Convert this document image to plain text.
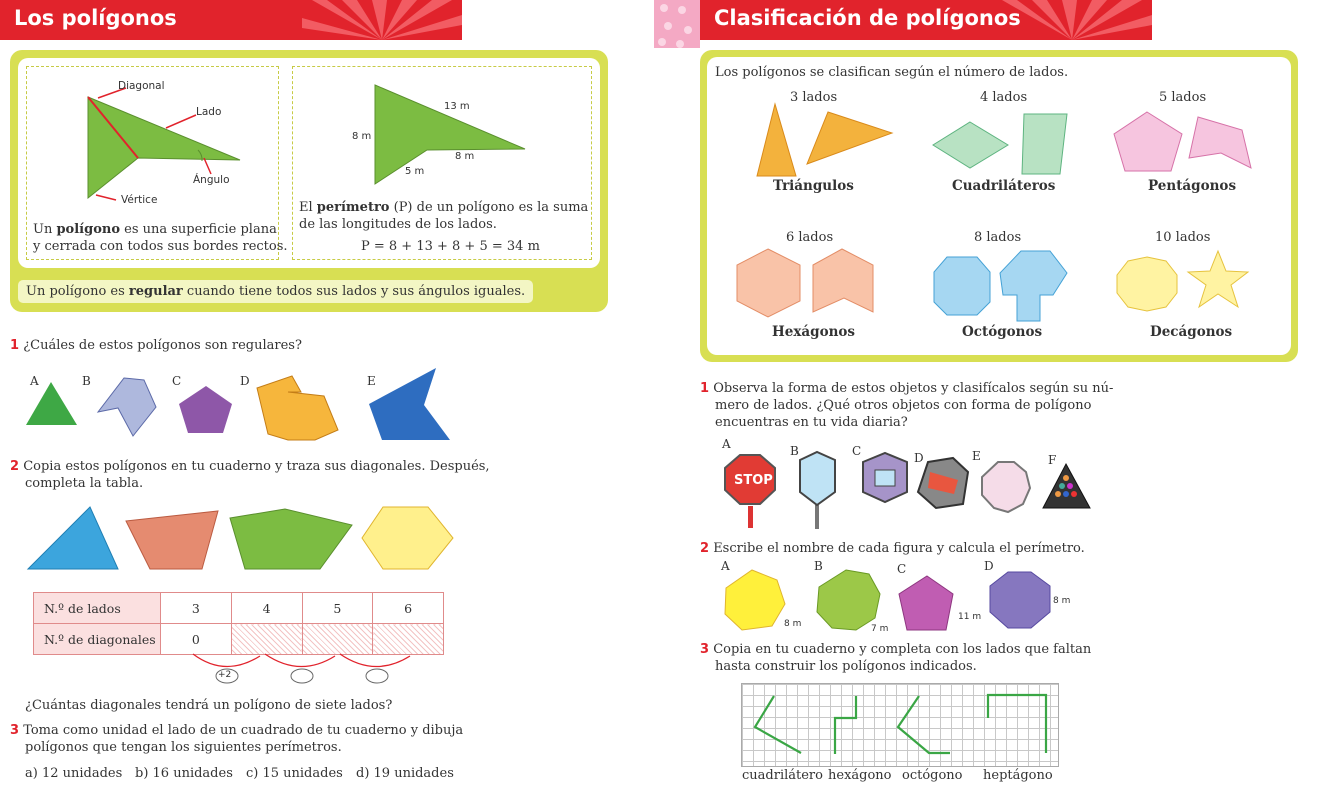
Los polígonos
Diagonal
Lado
Ángulo
Vértice
Un polígono es una superficie plana
y cerrada con todos sus bordes rectos.
13 m
8 m
8 m
5 m
El perímetro (P) de un polígono es la suma
de las longitudes de los lados.
P = 8 + 13 + 8 + 5 = 34 m
Un polígono es regular cuando tiene todos sus lados y sus ángulos iguales.
1 ¿Cuáles de estos polígonos son regulares?
A	B	C	D	E
2 Copia estos polígonos en tu cuaderno y traza sus diagonales. Después,
completa la tabla.
N.º de lados	3	4	5	6
N.º de diagonales	0			
+2
¿Cuántas diagonales tendrá un polígono de siete lados?
3 Toma como unidad el lado de un cuadrado de tu cuaderno y dibuja
polígonos que tengan los siguientes perímetros.
a) 12 unidades b) 16 unidades c) 15 unidades d) 19 unidades
Clasificación de polígonos
Los polígonos se clasifican según el número de lados.
3 lados	4 lados	5 lados
6 lados	8 lados	10 lados
Triángulos	Cuadriláteros	Pentágonos
Hexágonos	Octógonos	Decágonos
1 Observa la forma de estos objetos y clasifícalos según su nú-
mero de lados. ¿Qué otros objetos con forma de polígono
encuentras en tu vida diaria?
A	B	C	D	E	F
STOP
2 Escribe el nombre de cada figura y calcula el perímetro.
A	B	C	D
8 m	7 m
11 m
8 m
3 Copia en tu cuaderno y completa con los lados que faltan
hasta construir los polígonos indicados.
cuadrilátero hexágono octógono heptágono
